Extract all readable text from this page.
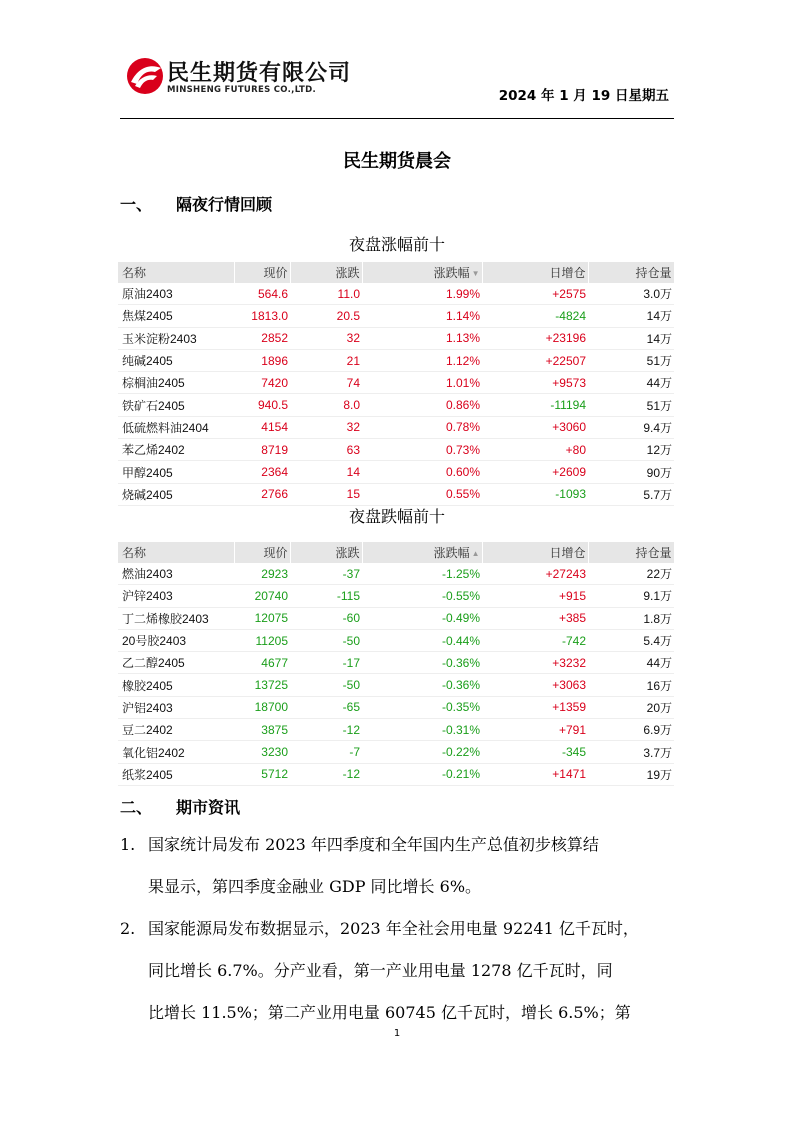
民生期货有限公司
MINSHENG FUTURES CO.,LTD.	2024 年 1 月 19 日星期五
民生期货晨会
一、 隔夜行情回顾
夜盘涨幅前十
名称	现价	涨跌	涨跌幅 ▼	日增仓	持仓量
原油2403	564.6	11.0	1.99%	+2575	3.0万
焦煤2405	1813.0	20.5	1.14%	-4824	14万
玉米淀粉2403	2852	32	1.13%	+23196	14万
纯碱2405	1896	21	1.12%	+22507	51万
棕榈油2405	7420	74	1.01%	+9573	44万
铁矿石2405	940.5	8.0	0.86%	-11194	51万
低硫燃料油2404	4154	32	0.78%	+3060	9.4万
苯乙烯2402	8719	63	0.73%	+80	12万
甲醇2405	2364	14	0.60%	+2609	90万
烧碱2405	2766	15	0.55%	-1093	5.7万
夜盘跌幅前十
名称	现价	涨跌	涨跌幅 ▲	日增仓	持仓量
燃油2403	2923	-37	-1.25%	+27243	22万
沪锌2403	20740	-115	-0.55%	+915	9.1万
丁二烯橡胶2403	12075	-60	-0.49%	+385	1.8万
20号胶2403	11205	-50	-0.44%	-742	5.4万
乙二醇2405	4677	-17	-0.36%	+3232	44万
橡胶2405	13725	-50	-0.36%	+3063	16万
沪铝2403	18700	-65	-0.35%	+1359	20万
豆二2402	3875	-12	-0.31%	+791	6.9万
氧化铝2402	3230	-7	-0.22%	-345	3.7万
纸浆2405	5712	-12	-0.21%	+1471	19万
二、 期市资讯
1. 国家统计局发布 2023 年四季度和全年国内生产总值初步核算结
果显示，第四季度金融业 GDP 同比增长 6%。
2. 国家能源局发布数据显示，2023 年全社会用电量 92241 亿千瓦时，
同比增长 6.7%。分产业看，第一产业用电量 1278 亿千瓦时，同
比增长 11.5%；第二产业用电量 60745 亿千瓦时，增长 6.5%；第
1
